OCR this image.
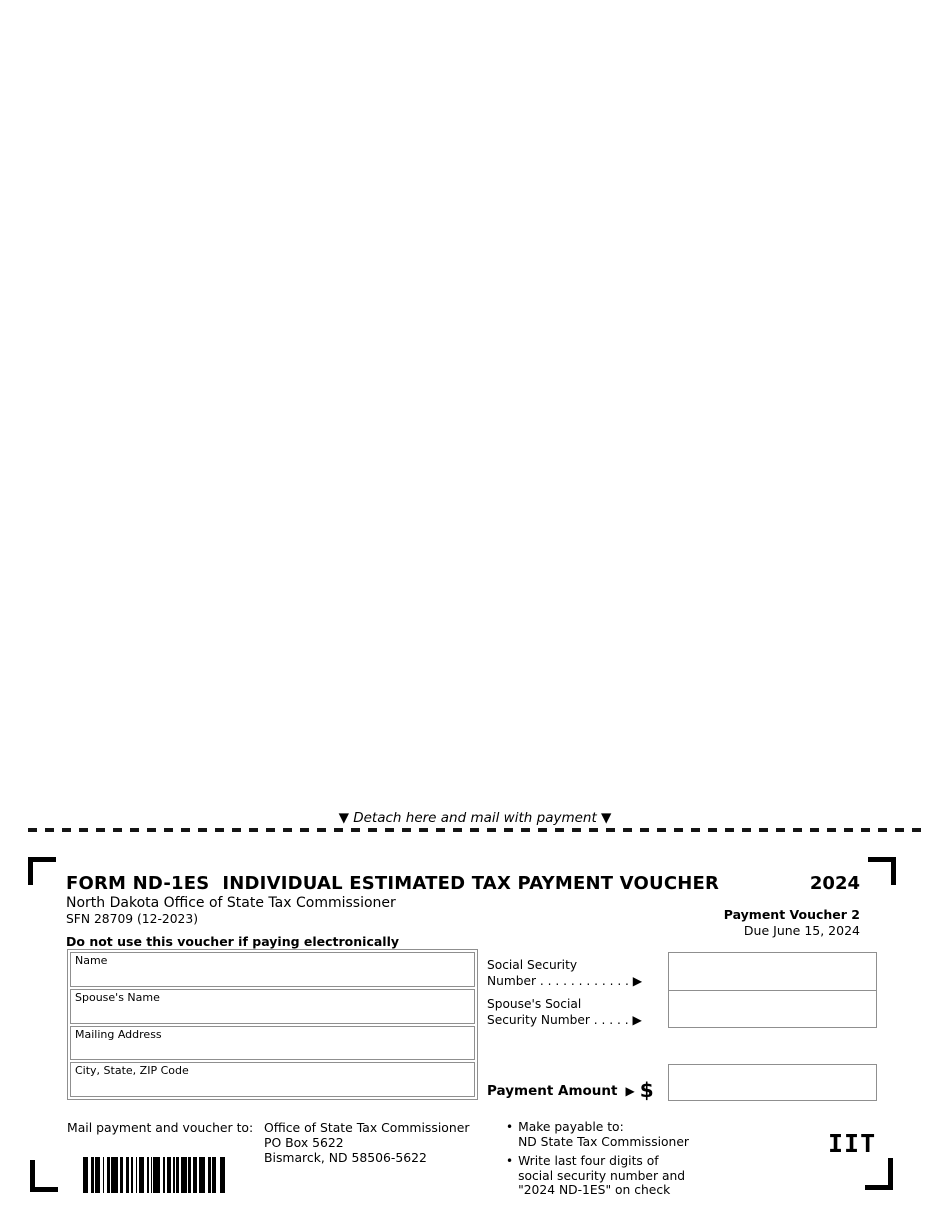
▼ Detach here and mail with payment ▼
FORM ND-1ES  INDIVIDUAL ESTIMATED TAX PAYMENT VOUCHER	2024
North Dakota Office of State Tax Commissioner
SFN 28709 (12-2023)	Payment Voucher 2
Due June 15, 2024
Do not use this voucher if paying electronically
Name
Spouse's Name
Mailing Address
City, State, ZIP Code
Social Security
Number . . . . . . . . . . . . ▶
Spouse's Social
Security Number . . . . . ▶
Payment Amount ▶ $
Mail payment and voucher to: Office of State Tax Commissioner
PO Box 5622
Bismarck, ND 58506-5622
• Make payable to:
ND State Tax Commissioner
• Write last four digits of
social security number and
"2024 ND-1ES" on check
IIT
